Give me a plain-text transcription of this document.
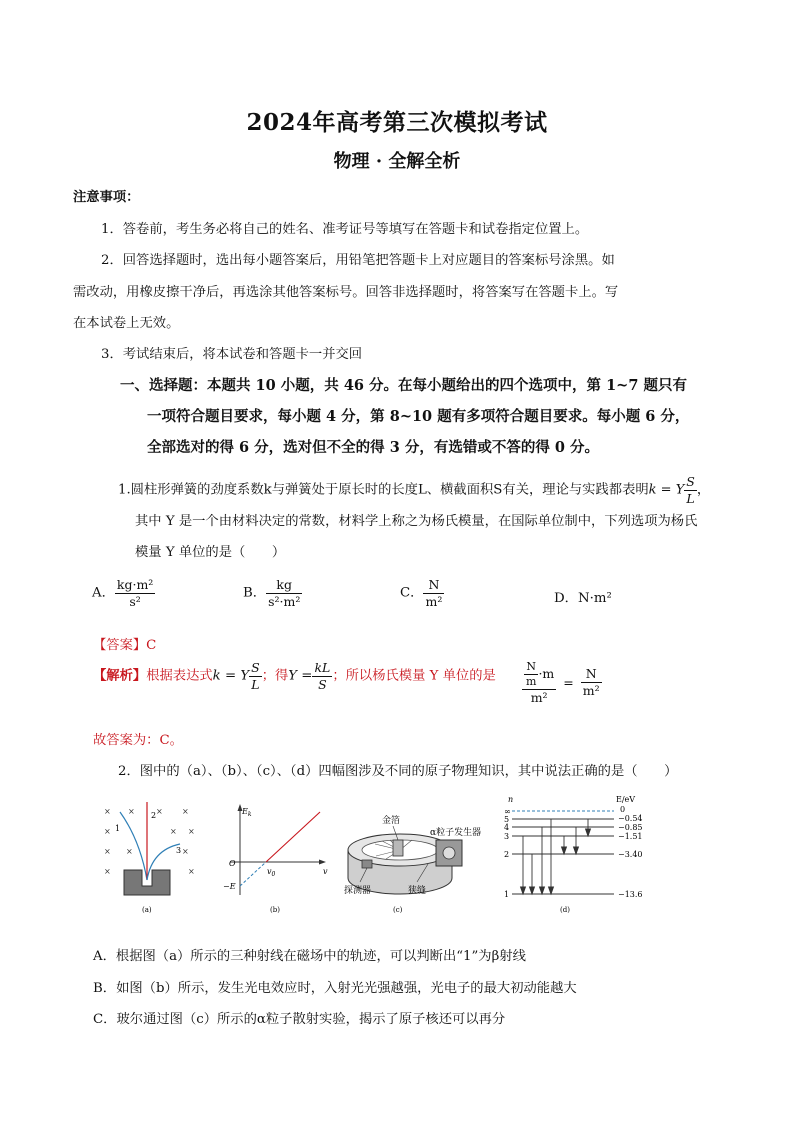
2024年高考第三次模拟考试
物理 · 全解全析
注意事项：
1．答卷前，考生务必将自己的姓名、准考证号等填写在答题卡和试卷指定位置上。
2．回答选择题时，选出每小题答案后，用铅笔把答题卡上对应题目的答案标号涂黑。如
需改动，用橡皮擦干净后，再选涂其他答案标号。回答非选择题时，将答案写在答题卡上。写
在本试卷上无效。
3．考试结束后，将本试卷和答题卡一并交回
一、选择题：本题共 10 小题，共 46 分。在每小题给出的四个选项中，第 1~7 题只有
一项符合题目要求，每小题 4 分，第 8~10 题有多项符合题目要求。每小题 6 分，
全部选对的得 6 分，选对但不全的得 3 分，有选错或不答的得 0 分。
1.圆柱形弹簧的劲度系数k与弹簧处于原长时的长度L、横截面积S有关，理论与实践都表明k = Y $\frac{S}{L}$ ，
其中 Y 是一个由材料决定的常数，材料学上称之为杨氏模量，在国际单位制中，下列选项为杨氏
模量 Y 单位的是（　　）
A． $\frac{\text{kg·m²}}{\text{s²}}$	B． $\frac{kg}{\text{s²·m²}}$	C． $\frac{N}{\text{m²}}$	D．N·m²
【答案】C
【解析】根据表达式k = Y $\frac{S}{L}$ ；得$Y = \frac{kL}{S}$ ；所以杨氏模量 Y 单位的是 $\frac{\frac{N}{m} \cdot m}{\text{m²}} = \frac{N}{\text{m²}}$
故答案为：C。
2．图中的（a）、（b）、（c）、（d）四幅图涉及不同的原子物理知识，其中说法正确的是（　　）
× ×	× ×
×	× ×
× ×	×
×	×
1
2
3
(a)
$E_k$
O
v
$v_0$
−E
(b)
金箔
α粒子发生器
探测器	狭缝
(c)
n	E/eV
∞
5
4
3
2
1
0
−0.54
−0.85
−1.51
−3.40
−13.6
(d)
A．根据图（a）所示的三种射线在磁场中的轨迹，可以判断出“1”为β射线
B．如图（b）所示，发生光电效应时，入射光光强越强，光电子的最大初动能越大
C．玻尔通过图（c）所示的α粒子散射实验，揭示了原子核还可以再分
